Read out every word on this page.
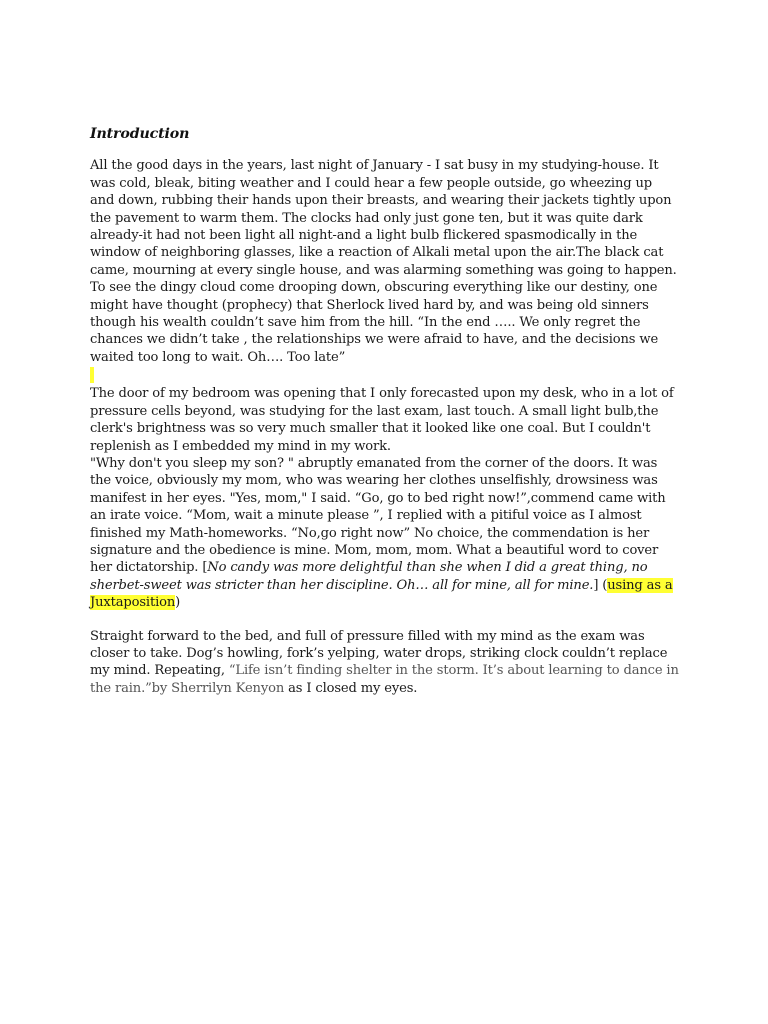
Introduction

All the good days in the years, last night of January - I sat busy in my studying-house. It was cold, bleak, biting weather and I could hear a few people outside, go wheezing up and down, rubbing their hands upon their breasts, and wearing their jackets tightly upon the pavement to warm them. The clocks had only just gone ten, but it was quite dark already-it had not been light all night-and a light bulb flickered spasmodically in the window of neighboring glasses, like a reaction of Alkali metal upon the air.The black cat came, mourning at every single house, and was alarming something was going to happen. To see the dingy cloud come drooping down, obscuring everything like our destiny, one might have thought (prophecy) that Sherlock lived hard by, and was being old sinners though his wealth couldn’t save him from the hill. “In the end ….. We only regret the chances we didn’t take , the relationships we were afraid to have, and the decisions we waited too long to wait. Oh…. Too late”

The door of my bedroom was opening that I only forecasted upon my desk, who in a lot of pressure cells beyond, was studying for the last exam, last touch. A small light bulb,the clerk's brightness was so very much smaller that it looked like one coal. But I couldn't replenish as I embedded my mind in my work.
"Why don't you sleep my son? " abruptly emanated from the corner of the doors. It was the voice, obviously my mom, who was wearing her clothes unselfishly, drowsiness was manifest in her eyes. "Yes, mom," I said. “Go, go to bed right now!”,commend came with an irate voice. “Mom, wait a minute please ”, I replied with a pitiful voice as I almost finished my Math-homeworks. “No,go right now” No choice, the commendation is her signature and the obedience is mine. Mom, mom, mom. What a beautiful word to cover her dictatorship. [No candy was more delightful than she when I did a great thing, no sherbet-sweet was stricter than her discipline. Oh… all for mine, all for mine.] (using as a Juxtaposition)

Straight forward to the bed, and full of pressure filled with my mind as the exam was closer to take. Dog’s howling, fork’s yelping, water drops, striking clock couldn’t replace my mind. Repeating, “Life isn’t finding shelter in the storm. It’s about learning to dance in the rain.”by Sherrilyn Kenyon as I closed my eyes.
